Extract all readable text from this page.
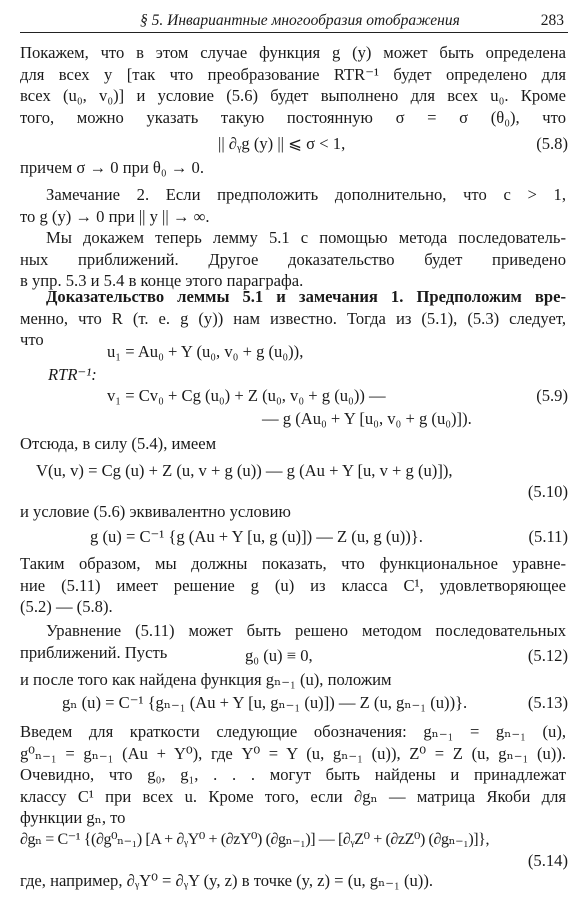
§ 5. Инвариантные многообразия отображения	283
Покажем, что в этом случае функция g (y) может быть определена
для всех y [так что преобразование RTR⁻¹ будет определено для
всех (u₀, v₀)] и условие (5.6) будет выполнено для всех u₀. Кроме
того, можно указать такую постоянную σ = σ (θ₀), что
|| ∂ᵧg (y) || ⩽ σ < 1,	(5.8)
причем σ → 0 при θ₀ → 0.
Замечание 2. Если предположить дополнительно, что c > 1,
то g (y) → 0 при || y || → ∞.
Мы докажем теперь лемму 5.1 с помощью метода последователь-
ных приближений. Другое доказательство будет приведено
в упр. 5.3 и 5.4 в конце этого параграфа.
Доказательство леммы 5.1 и замечания 1. Предположим вре-
менно, что R (т. е. g (y)) нам известно. Тогда из (5.1), (5.3) следует,
что
u₁ = Au₀ + Y (u₀, v₀ + g (u₀)),
RTR⁻¹:
v₁ = Cv₀ + Cg (u₀) + Z (u₀, v₀ + g (u₀)) —	(5.9)
— g (Au₀ + Y [u₀, v₀ + g (u₀)]).
Отсюда, в силу (5.4), имеем
V(u, v) = Cg (u) + Z (u, v + g (u)) — g (Au + Y [u, v + g (u)]),
(5.10)
и условие (5.6) эквивалентно условию
g (u) = C⁻¹ {g (Au + Y [u, g (u)]) — Z (u, g (u))}.	(5.11)
Таким образом, мы должны показать, что функциональное уравне-
ние (5.11) имеет решение g (u) из класса C¹, удовлетворяющее
(5.2) — (5.8).
Уравнение (5.11) может быть решено методом последовательных
приближений. Пусть	g₀ (u) ≡ 0,	(5.12)
и после того как найдена функция gₙ₋₁ (u), положим
gₙ (u) = C⁻¹ {gₙ₋₁ (Au + Y [u, gₙ₋₁ (u)]) — Z (u, gₙ₋₁ (u))}.	(5.13)
Введем для краткости следующие обозначения: gₙ₋₁ = gₙ₋₁ (u),
g⁰ₙ₋₁ = gₙ₋₁ (Au + Y⁰), где Y⁰ = Y (u, gₙ₋₁ (u)), Z⁰ = Z (u, gₙ₋₁ (u)).
Очевидно, что g₀, g₁, . . . могут быть найдены и принадлежат
классу C¹ при всех u. Кроме того, если ∂gₙ — матрица Якоби для
функции gₙ, то
∂gₙ = C⁻¹ {(∂g⁰ₙ₋₁) [A + ∂ᵧY⁰ + (∂zY⁰) (∂gₙ₋₁)] — [∂ᵧZ⁰ + (∂zZ⁰) (∂gₙ₋₁)]},
(5.14)
где, например, ∂ᵧY⁰ = ∂ᵧY (y, z) в точке (y, z) = (u, gₙ₋₁ (u)).
